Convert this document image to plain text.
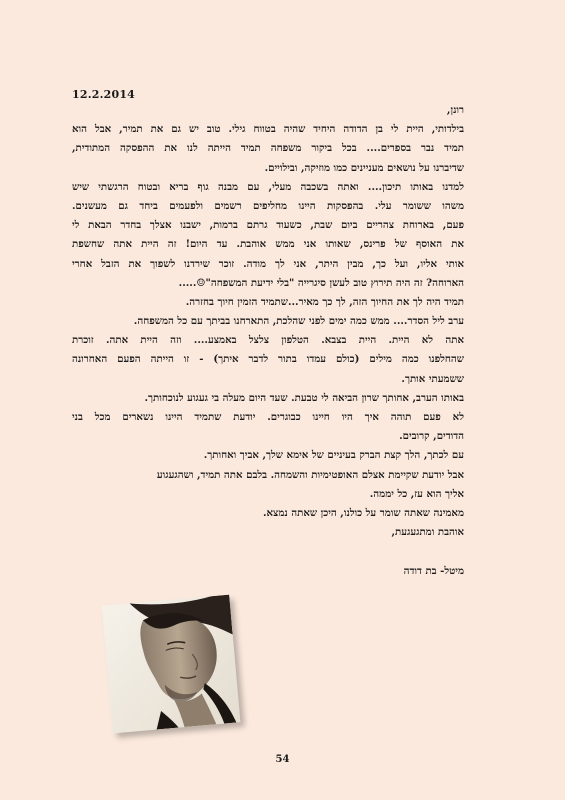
12.2.2014
רונן,
בילדותי, היית לי בן הדודה היחיד שהיה בטווח גילי. טוב יש גם את תמיר, אבל הוא
תמיד נבר בספרים.... בכל ביקור משפחה תמיד הייתה לנו את ההפסקה המתודית,
שדיברנו על נושאים מעניינים כמו מוזיקה, ובילויים.
למדנו באותו תיכון.... ואתה בשכבה מעלי, עם מבנה גוף בריא ובטוח הרגשתי שיש
משהו ששומר עלי. בהפסקות היינו מחליפים רשמים ולפעמים ביחד גם מעשנים.
פעם, בארוחת צהריים ביום שבת, כשעוד גרתם ברמות, ישבנו אצלך בחדר הבאת לי
את האוסף של פרינס, שאותו אני ממש אוהבת. עד היום! זה היית אתה שחשפת
אותי אליו, ועל כך, מבין היתר, אני לך מודה. זוכר שירדנו לשפוך את הזבל אחרי
הארוחה? זה היה תירוץ טוב לעשן סיגרייה "בלי ידיעת המשפחה"☺.....
תמיד היה לך את החיוך הזה, לך כך מאיר...שתמיד הזמין חיוך בחזרה.
ערב ליל הסדר.... ממש כמה ימים לפני שהלכת, התארחנו בביתך עם כל המשפחה.
אתה לא היית. היית בצבא. הטלפון צלצל באמצע.... וזה היית אתה. זוכרת
שהחלפנו כמה מילים (כולם עמדו בתור לדבר איתך) - זו הייתה הפעם האחרונה
ששמעתי אותך.
באותו הערב, אחותך שרון הביאה לי טבעת. שעד היום מעלה בי געגוע לנוכחותך.
לא פעם תוהה איך היו חיינו כבוגרים. יודעת שתמיד היינו נשארים מכל בני
הדודים, קרובים.
עם לכתך, הלך קצת הברק בעיניים של אימא שלך, אביך ואחותך.
אבל יודעת שקיימת אצלם האופטימיות והשמחה. בלבם אתה תמיד, ושהגעגוע
אליך הוא עז, כל יממה.
מאמינה שאתה שומר על כולנו, היכן שאתה נמצא.
אוהבת ומתגעגעת,
מיטל- בת דודה
54
